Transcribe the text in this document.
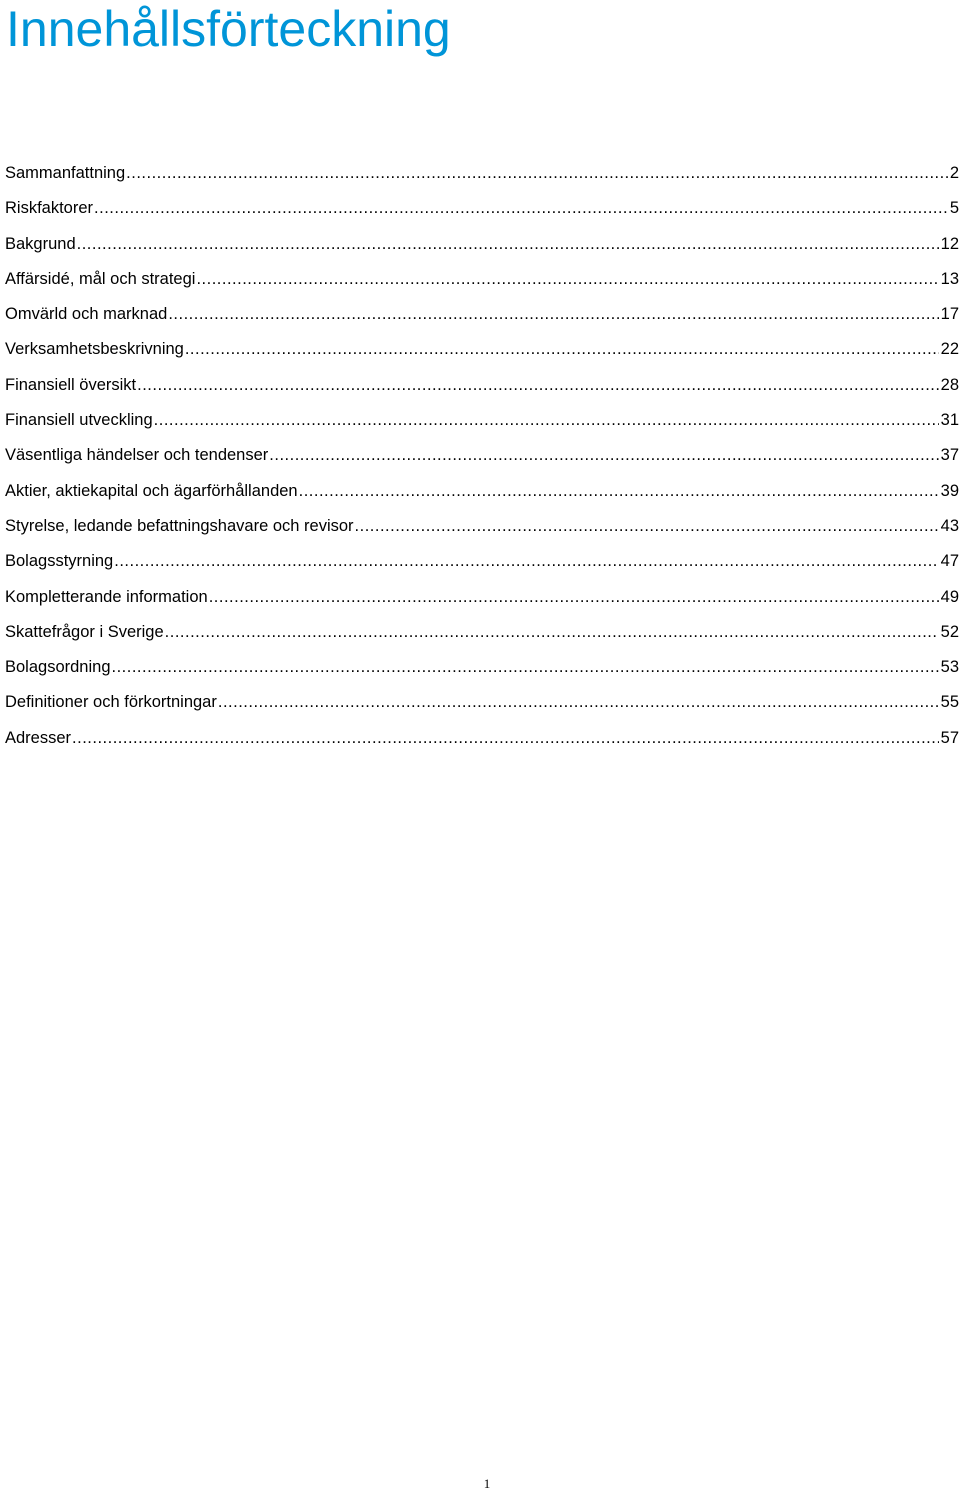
Innehållsförteckning
Sammanfattning .....	2
Riskfaktorer .....	5
Bakgrund .....	12
Affärsidé, mål och strategi .....	13
Omvärld och marknad .....	17
Verksamhetsbeskrivning .....	22
Finansiell översikt .....	28
Finansiell utveckling .....	31
Väsentliga händelser och tendenser .....	37
Aktier, aktiekapital och ägarförhållanden .....	39
Styrelse, ledande befattningshavare och revisor .....	43
Bolagsstyrning .....	47
Kompletterande information .....	49
Skattefrågor i Sverige .....	52
Bolagsordning .....	53
Definitioner och förkortningar .....	55
Adresser .....	57
1
